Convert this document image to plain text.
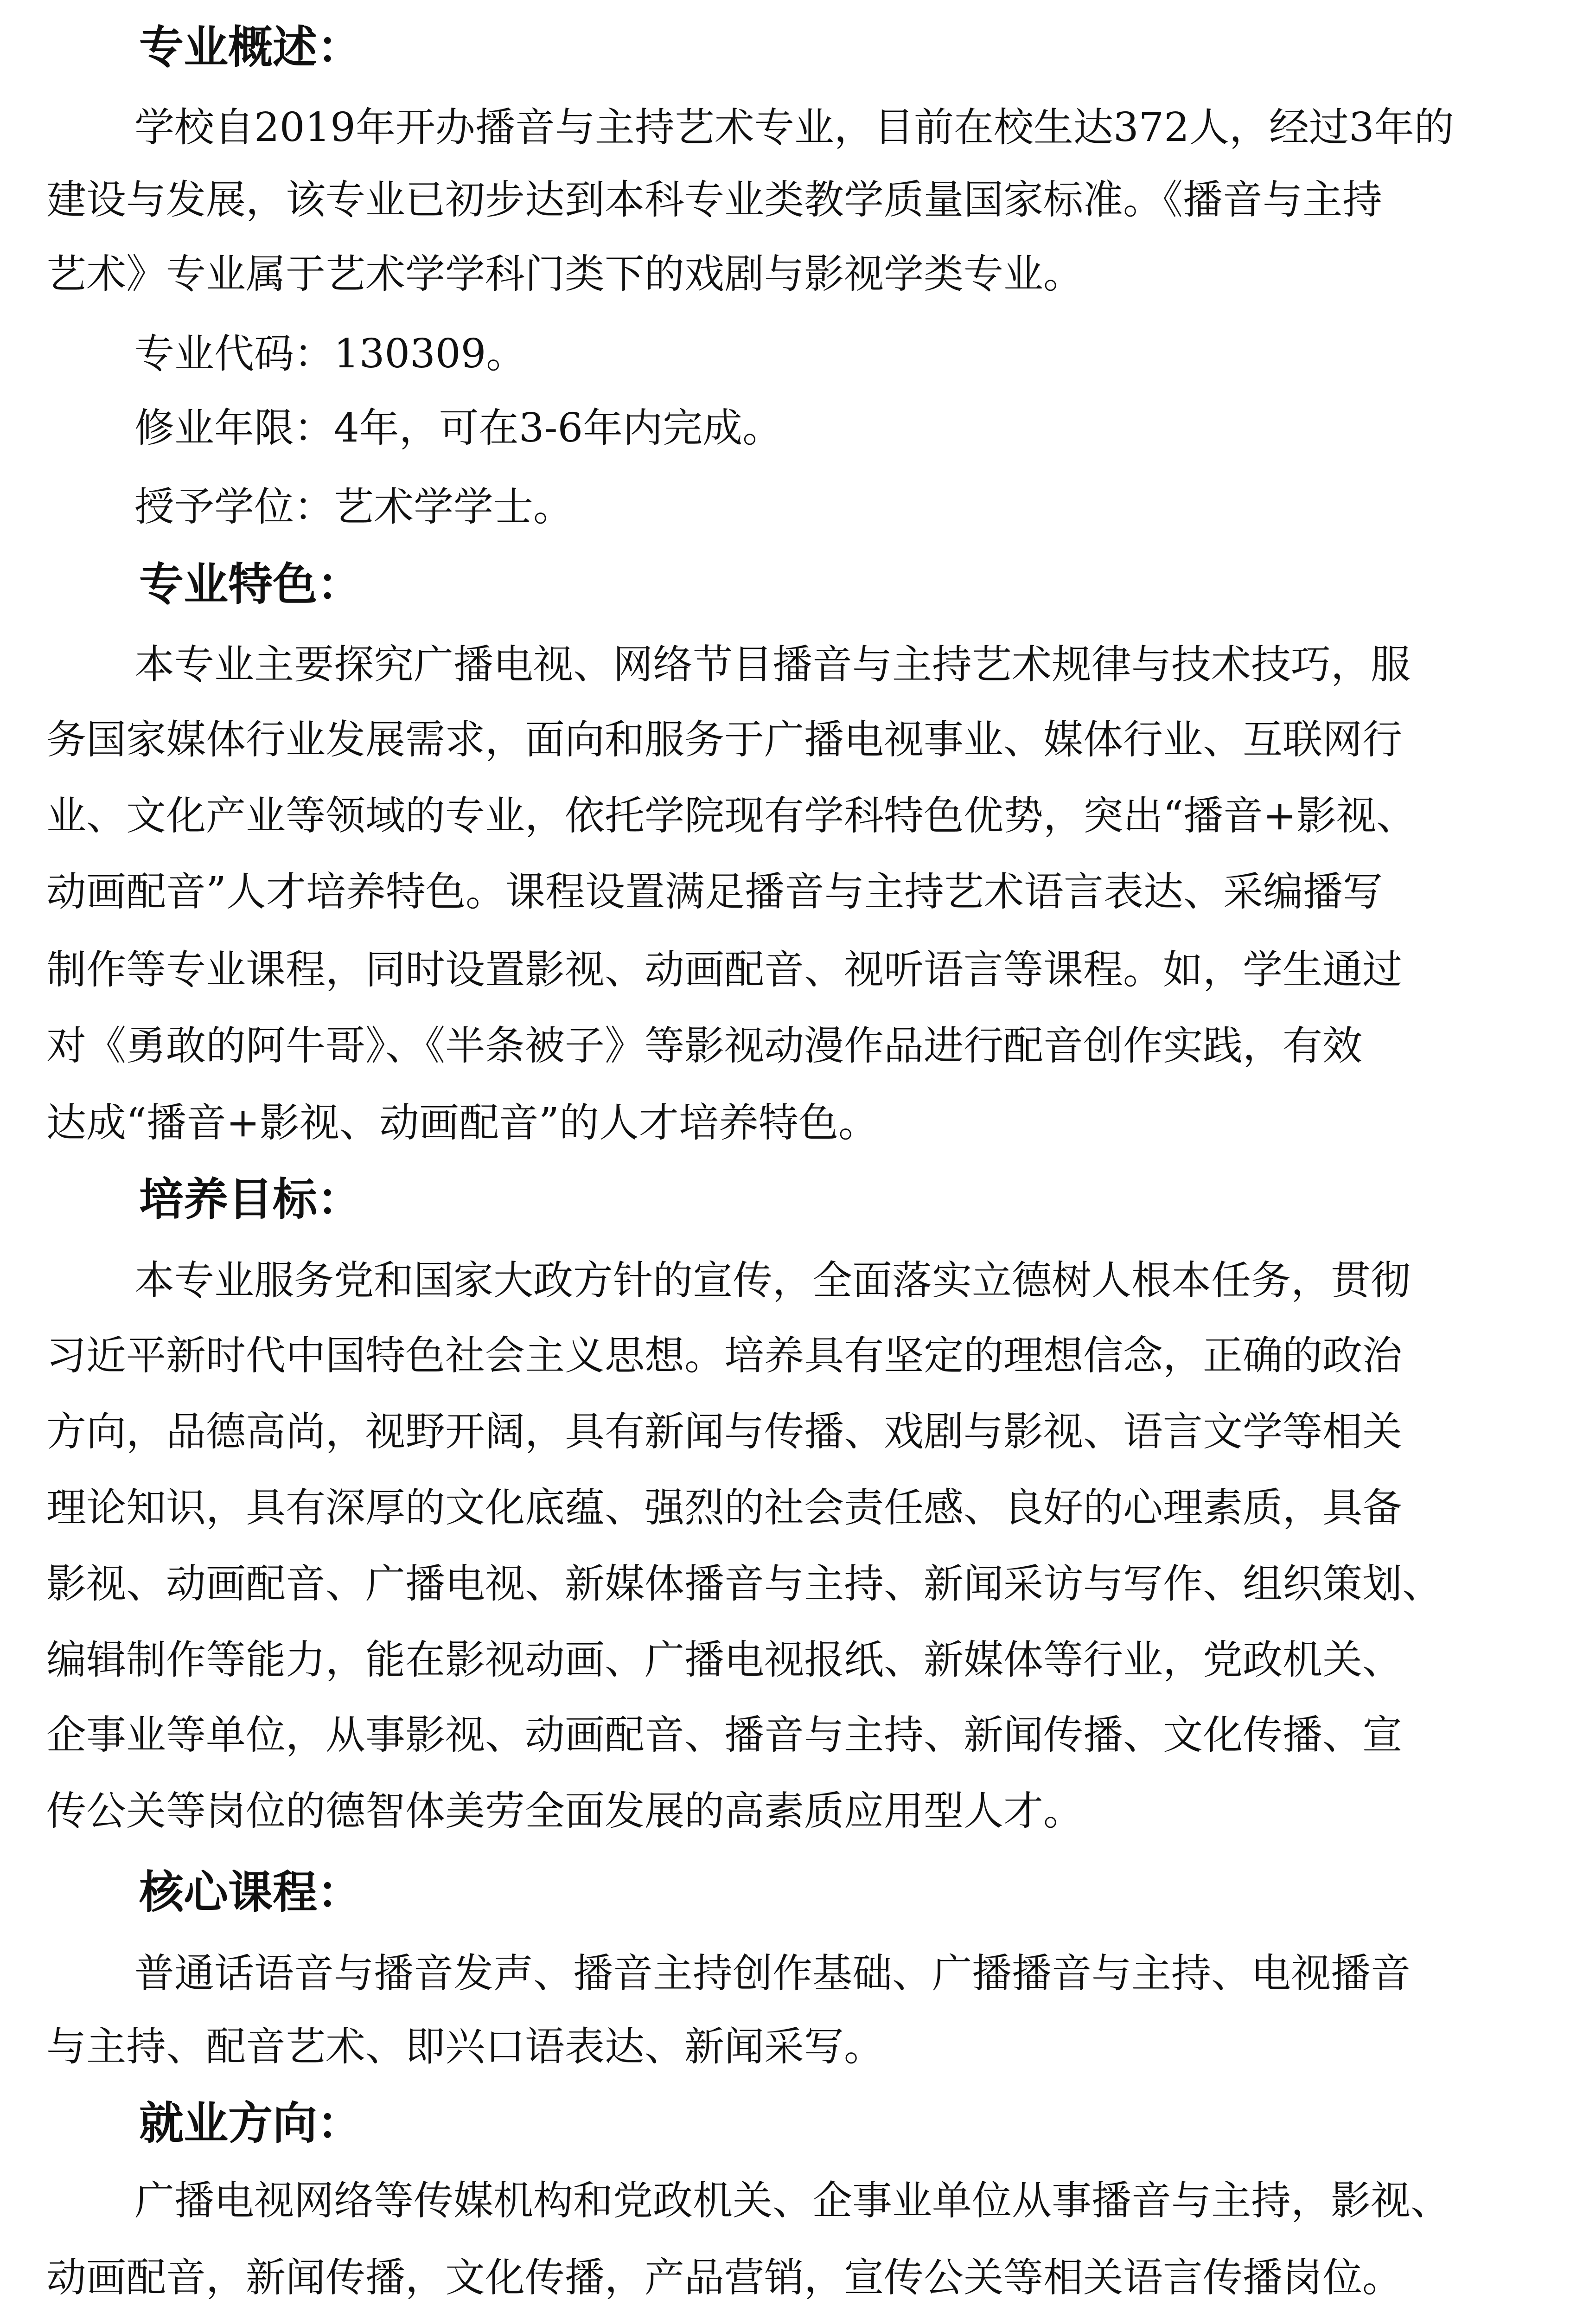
专业概述：
学校自2019年开办播音与主持艺术专业，目前在校生达372人，经过3年的
建设与发展，该专业已初步达到本科专业类教学质量国家标准。《播音与主持
艺术》专业属于艺术学学科门类下的戏剧与影视学类专业。
专业代码：130309。
修业年限：4年，可在3-6年内完成。
授予学位：艺术学学士。
专业特色：
本专业主要探究广播电视、网络节目播音与主持艺术规律与技术技巧，服
务国家媒体行业发展需求，面向和服务于广播电视事业、媒体行业、互联网行
业、文化产业等领域的专业，依托学院现有学科特色优势，突出“播音+影视、
动画配音”人才培养特色。课程设置满足播音与主持艺术语言表达、采编播写
制作等专业课程，同时设置影视、动画配音、视听语言等课程。如，学生通过
对《勇敢的阿牛哥》、《半条被子》等影视动漫作品进行配音创作实践，有效
达成“播音+影视、动画配音”的人才培养特色。
培养目标：
本专业服务党和国家大政方针的宣传，全面落实立德树人根本任务，贯彻
习近平新时代中国特色社会主义思想。培养具有坚定的理想信念，正确的政治
方向，品德高尚，视野开阔，具有新闻与传播、戏剧与影视、语言文学等相关
理论知识，具有深厚的文化底蕴、强烈的社会责任感、良好的心理素质，具备
影视、动画配音、广播电视、新媒体播音与主持、新闻采访与写作、组织策划、
编辑制作等能力，能在影视动画、广播电视报纸、新媒体等行业，党政机关、
企事业等单位，从事影视、动画配音、播音与主持、新闻传播、文化传播、宣
传公关等岗位的德智体美劳全面发展的高素质应用型人才。
核心课程：
普通话语音与播音发声、播音主持创作基础、广播播音与主持、电视播音
与主持、配音艺术、即兴口语表达、新闻采写。
就业方向：
广播电视网络等传媒机构和党政机关、企事业单位从事播音与主持，影视、
动画配音，新闻传播，文化传播，产品营销，宣传公关等相关语言传播岗位。
